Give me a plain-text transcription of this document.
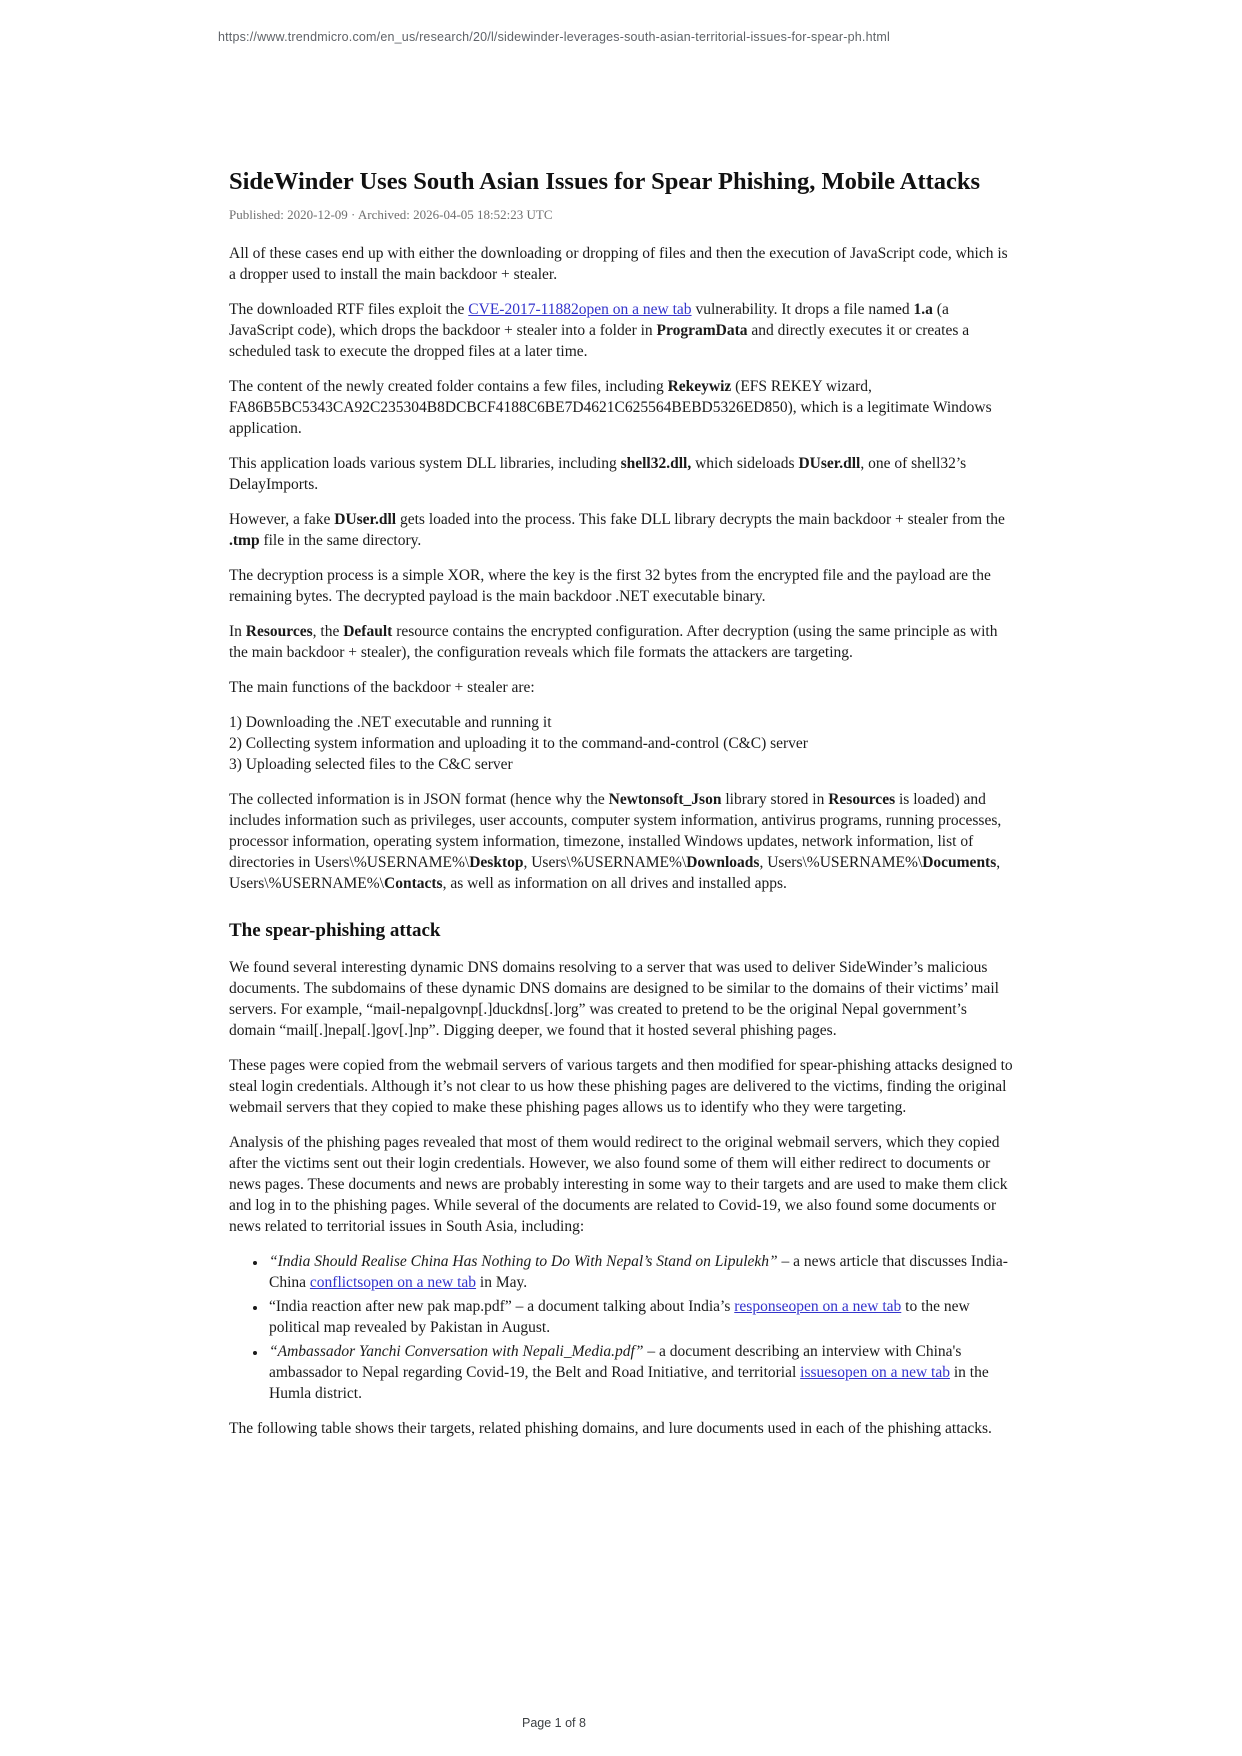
https://www.trendmicro.com/en_us/research/20/l/sidewinder-leverages-south-asian-territorial-issues-for-spear-ph.html
SideWinder Uses South Asian Issues for Spear Phishing, Mobile Attacks
Published: 2020-12-09 · Archived: 2026-04-05 18:52:23 UTC

All of these cases end up with either the downloading or dropping of files and then the execution of JavaScript code, which is a dropper used to install the main backdoor + stealer.

The downloaded RTF files exploit the CVE-2017-11882open on a new tab vulnerability. It drops a file named 1.a (a JavaScript code), which drops the backdoor + stealer into a folder in ProgramData and directly executes it or creates a scheduled task to execute the dropped files at a later time.

The content of the newly created folder contains a few files, including Rekeywiz (EFS REKEY wizard, FA86B5BC5343CA92C235304B8DCBCF4188C6BE7D4621C625564BEBD5326ED850), which is a legitimate Windows application.

This application loads various system DLL libraries, including shell32.dll, which sideloads DUser.dll, one of shell32’s DelayImports.

However, a fake DUser.dll gets loaded into the process. This fake DLL library decrypts the main backdoor + stealer from the .tmp file in the same directory.

The decryption process is a simple XOR, where the key is the first 32 bytes from the encrypted file and the payload are the remaining bytes. The decrypted payload is the main backdoor .NET executable binary.

In Resources, the Default resource contains the encrypted configuration. After decryption (using the same principle as with the main backdoor + stealer), the configuration reveals which file formats the attackers are targeting.

The main functions of the backdoor + stealer are:

1) Downloading the .NET executable and running it
2) Collecting system information and uploading it to the command-and-control (C&C) server
3) Uploading selected files to the C&C server

The collected information is in JSON format (hence why the Newtonsoft_Json library stored in Resources is loaded) and includes information such as privileges, user accounts, computer system information, antivirus programs, running processes, processor information, operating system information, timezone, installed Windows updates, network information, list of directories in Users\%USERNAME%\Desktop, Users\%USERNAME%\Downloads, Users\%USERNAME%\Documents, Users\%USERNAME%\Contacts, as well as information on all drives and installed apps.

The spear-phishing attack

We found several interesting dynamic DNS domains resolving to a server that was used to deliver SideWinder’s malicious documents. The subdomains of these dynamic DNS domains are designed to be similar to the domains of their victims’ mail servers. For example, “mail-nepalgovnp[.]duckdns[.]org” was created to pretend to be the original Nepal government’s domain “mail[.]nepal[.]gov[.]np”. Digging deeper, we found that it hosted several phishing pages.

These pages were copied from the webmail servers of various targets and then modified for spear-phishing attacks designed to steal login credentials. Although it’s not clear to us how these phishing pages are delivered to the victims, finding the original webmail servers that they copied to make these phishing pages allows us to identify who they were targeting.

Analysis of the phishing pages revealed that most of them would redirect to the original webmail servers, which they copied after the victims sent out their login credentials. However, we also found some of them will either redirect to documents or news pages. These documents and news are probably interesting in some way to their targets and are used to make them click and log in to the phishing pages. While several of the documents are related to Covid-19, we also found some documents or news related to territorial issues in South Asia, including:

• “India Should Realise China Has Nothing to Do With Nepal’s Stand on Lipulekh” – a news article that discusses India-China conflictsopen on a new tab in May.
• “India reaction after new pak map.pdf” – a document talking about India’s responseopen on a new tab to the new political map revealed by Pakistan in August.
• “Ambassador Yanchi Conversation with Nepali_Media.pdf” – a document describing an interview with China's ambassador to Nepal regarding Covid-19, the Belt and Road Initiative, and territorial issuesopen on a new tab in the Humla district.

The following table shows their targets, related phishing domains, and lure documents used in each of the phishing attacks.

Page 1 of 8
